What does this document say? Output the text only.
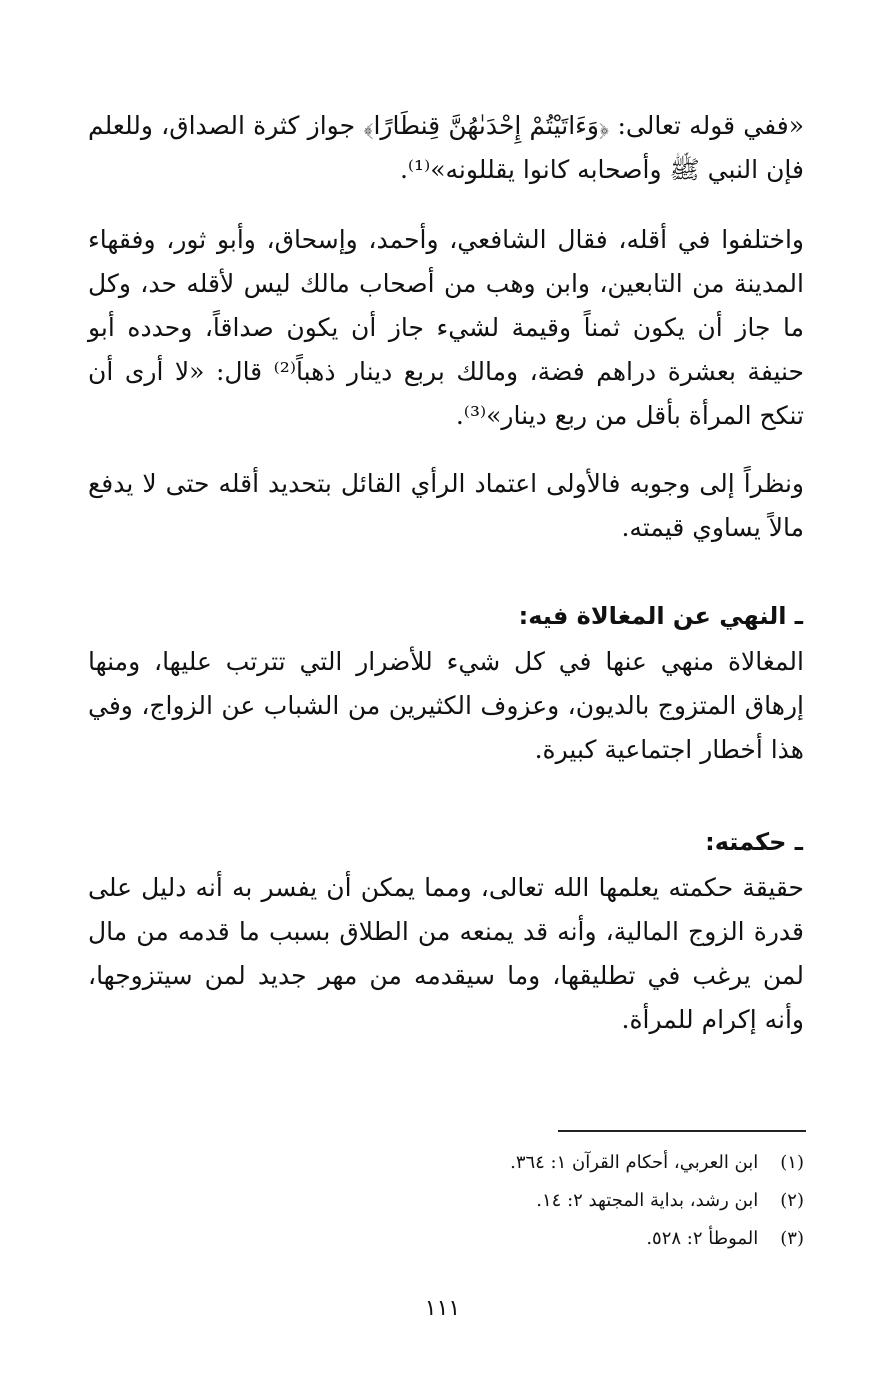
«ففي قوله تعالى: ﴿وَءَاتَيْتُمْ إِحْدَىٰهُنَّ قِنطَارًا﴾ جواز كثرة الصداق، وللعلم فإن النبي ﷺ وأصحابه كانوا يقللونه»⁽¹⁾.

واختلفوا في أقله، فقال الشافعي، وأحمد، وإسحاق، وأبو ثور، وفقهاء المدينة من التابعين، وابن وهب من أصحاب مالك ليس لأقله حد، وكل ما جاز أن يكون ثمناً وقيمة لشيء جاز أن يكون صداقاً، وحدده أبو حنيفة بعشرة دراهم فضة، ومالك بربع دينار ذهباً⁽²⁾ قال: «لا أرى أن تنكح المرأة بأقل من ربع دينار»⁽³⁾.

ونظراً إلى وجوبه فالأولى اعتماد الرأي القائل بتحديد أقله حتى لا يدفع مالاً يساوي قيمته.

ـ النهي عن المغالاة فيه:

المغالاة منهي عنها في كل شيء للأضرار التي تترتب عليها، ومنها إرهاق المتزوج بالديون، وعزوف الكثيرين من الشباب عن الزواج، وفي هذا أخطار اجتماعية كبيرة.

ـ حكمته:

حقيقة حكمته يعلمها الله تعالى، ومما يمكن أن يفسر به أنه دليل على قدرة الزوج المالية، وأنه قد يمنعه من الطلاق بسبب ما قدمه من مال لمن يرغب في تطليقها، وما سيقدمه من مهر جديد لمن سيتزوجها، وأنه إكرام للمرأة.

(١) ابن العربي، أحكام القرآن ١: ٣٦٤.
(٢) ابن رشد، بداية المجتهد ٢: ١٤.
(٣) الموطأ ٢: ٥٢٨.
١١١
